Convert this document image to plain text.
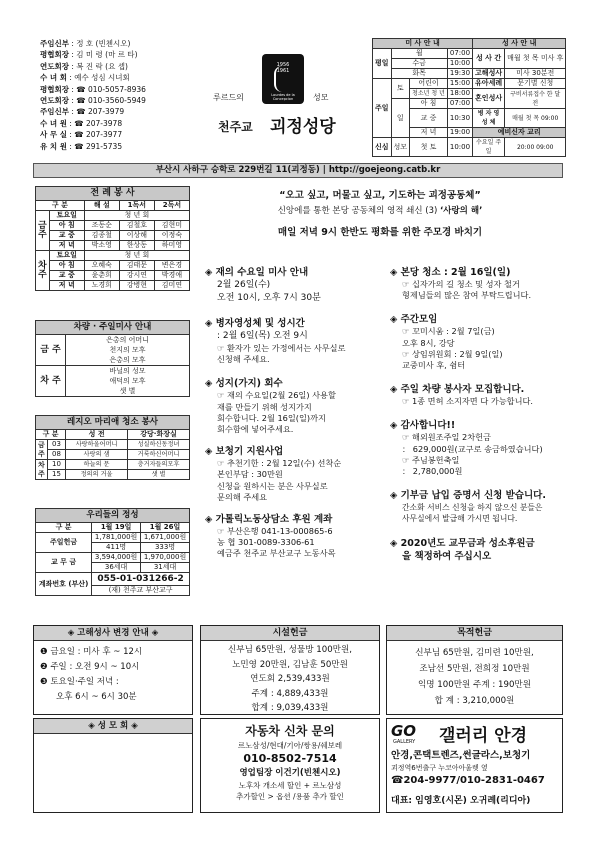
주임신부 : 정 호 (빈첸시오)
평협회장 : 김 미 령 (마 르 타)
연도회장 : 복 진 락 (요 셉)
수 녀 회 : 예수 성심 시녀회
평협회장 : ☎ 010-5057-8936
연도회장 : ☎ 010-3560-5949
주임신부 : ☎ 207-3979
수 녀 원 : ☎ 207-3978
사 무 실 : ☎ 207-3977
유 치 원 : ☎ 291-5735
1956
1961
Lourdes de la Concepcion
루르드의	성모
천주교 괴정성당
미 사 안 내				성 사 안 내	
평일	월		07:00	성 사 간	매월 첫 목 미사 후
	수금		10:00		
	화목		19:30	고해성사	미사 30분전
주일	토	어린이	15:00	유아세례	문기별 신청
		청소년 청 년	18:00	혼인성사	구비서류접수 한 달 전
	일	아 침	07:00		
		교 중	10:30	병 자 영 성 체	매월 첫 목 09:00
		저 녁	19:00	예비신자 교리	
신심	성모	첫 토	10:00	수요일 주 일	20:00 09:00
부산시 사하구 승학로 229번길 11(괴정동) | http://goejeong.catb.kr
전 례 봉 사				
구 분		해 설	1독서	2독서
금 주	토요일	청 년 회		
	아 침	조동순	김철호	김현미
	교 중	김종철	이상해	이정숙
	저 녁	박소영	한상동	하미영
차 주	토요일	청 년 회		
	아 침	오혜숙	김태문	변은경
	교 중	윤춘희	강시연	박경애
	저 녁	노경희	강병현	김미연
차량 · 주일미사 안내	
금 주	은총의 어머니
천지의 모후
은총의 모후

차 주	바닐의 성모
애덕의 모후
샛 별
레지오 마리애 청소 봉사			
구 분		성 전	강당·화장실
금주	03	사랑하올어머니	성실하신동정녀
	08	사랑의 샘	거룩하신어머니
차주	10	하늘의 문	충거자들의모후
	15	정의의 거울	샛 별
우리들의 정성		
구 분	1월 19일	1월 26일
주일헌금	1,781,000원	1,671,000원
	411명	333명
교 무 금	3,594,000원	1,970,000원
	36세대	31세대
계좌번호 (부산)	055-01-031266-2	
	(재) 천주교 부산교구	
“오고 싶고, 머물고 싶고, 기도하는 괴정공동체”
신앙에를 통한 본당 공동체의 영적 쇄신 (3) ‘사랑의 해’
매일 저녁 9시 한반도 평화를 위한 주모경 바치기
◈ 재의 수요일 미사 안내
2월 26일(수)
오전 10시, 오후 7시 30분
◈ 병자영성체 및 성시간
: 2월 6일(목) 오전 9시
☞ 환자가 있는 가정에서는 사무실로
신청해 주세요.
◈ 성지(가지) 회수
☞ 재의 수요일(2월 26일) 사용할
재를 만들기 위해 성지가지
회수합니다. 2월 16일(일)까지
회수함에 넣어주세요.
◈ 보청기 지원사업
☞ 추천기한 : 2월 12일(수) 선착순
본인부담 : 30만원
신청을 원하시는 분은 사무실로
문의해 주세요
◈ 가톨릭노동상담소 후원 계좌
☞ 부산은행 041-13-000865-6
농 협 301-0089-3306-61
예금주 천주교 부산교구 노동사목
◈ 본당 청소 : 2월 16일(일)
☞ 십자가의 길 청소 및 성자 철거
형제님들의 많은 참여 부탁드립니다.
◈ 주간모임
☞ 꼬미시움 : 2월 7일(금)
오후 8시, 강당
☞ 상임위원회 : 2월 9일(일)
교중미사 후, 쉼터
◈ 주일 차량 봉사자 모집합니다.
☞ 1종 면허 소지자면 다 가능합니다.
◈ 감사합니다!!
☞ 해외원조주일 2차헌금
： 629,000원(교구로 송금하였습니다)
☞ 주님봉헌축일
： 2,780,000원
◈ 기부금 납입 증명서 신청 받습니다.
간소화 서비스 신청을 하지 않으신 분들은
사무실에서 발급해 가시면 됩니다.
◈ 2020년도 교무금과 성소후원금
을 책정하여 주십시오
◈ 고해성사 변경 안내 ◈
❶ 금요일 : 미사 후 ~ 12시
❷ 주일 : 오전 9시 ~ 10시
❸ 토요일·주일 저녁 :
오후 6시 ~ 6시 30분
시설헌금
신부님 65만원, 성물방 100만원,
노민영 20만원, 김남훈 50만원
연도회 2,539,433원
주계 : 4,889,433원
합계 : 9,039,433원
목적헌금
신부님 65만원, 김미련 10만원,
조남선 5만원, 전희정 10만원
익명 100만원 주계 : 190만원
합 계 : 3,210,000원
◈ 성 모 회 ◈	자동차 신차 문의
르노삼성/현대/기아/쌍용/쉐보레
010-8502-7514
영업팀장 이건기(빈첸시오)
노후차 개소세 할인 + 르노삼성
추가할인 > 옵션 /용품 추가 할인
GO
GALLERY 갤러리 안경
안경,콘택트렌즈,썬글라스,보청기
괴정역6번출구 누코아아울렛 옆
☎204-9977/010-2831-0467
대표: 임영호(시몬) 오귀례(리디아)
